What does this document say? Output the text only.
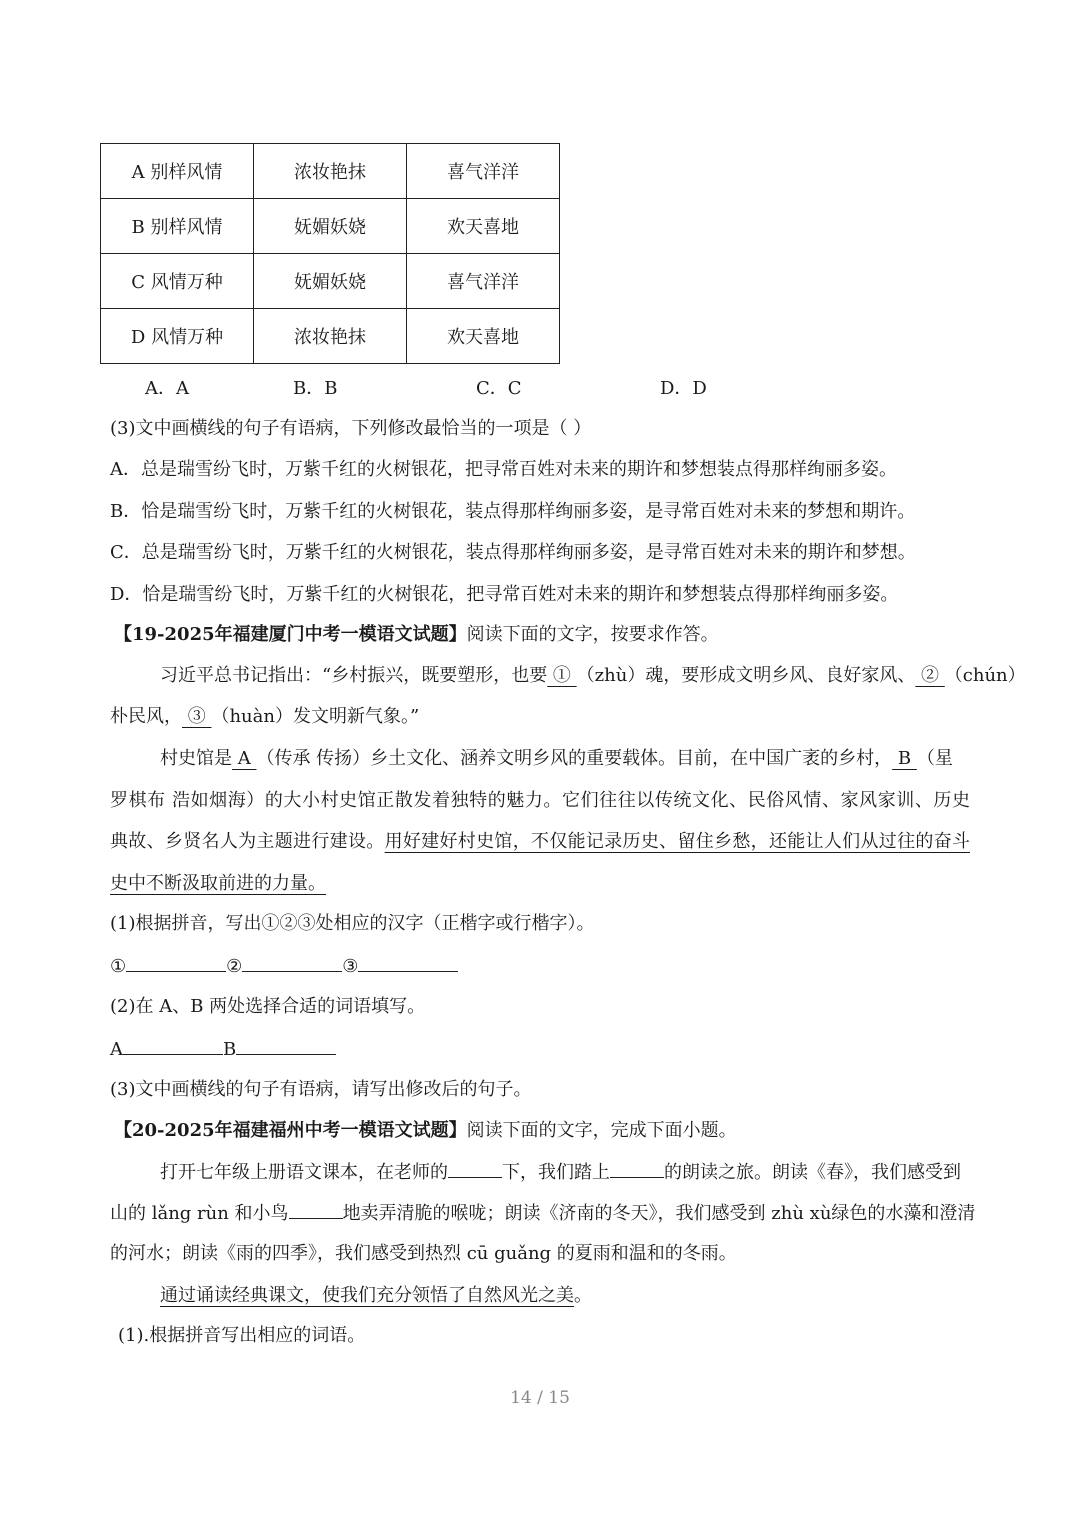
A 别样风情	浓妆艳抹	喜气洋洋
B 别样风情	妩媚妖娆	欢天喜地
C 风情万种	妩媚妖娆	喜气洋洋
D 风情万种	浓妆艳抹	欢天喜地
A．A	B．B	C．C	D．D
(3)文中画横线的句子有语病，下列修改最恰当的一项是（ ）
A．总是瑞雪纷飞时，万紫千红的火树银花，把寻常百姓对未来的期许和梦想装点得那样绚丽多姿。
B．恰是瑞雪纷飞时，万紫千红的火树银花，装点得那样绚丽多姿，是寻常百姓对未来的梦想和期许。
C．总是瑞雪纷飞时，万紫千红的火树银花，装点得那样绚丽多姿，是寻常百姓对未来的期许和梦想。
D．恰是瑞雪纷飞时，万紫千红的火树银花，把寻常百姓对未来的期许和梦想装点得那样绚丽多姿。
【19-2025年福建厦门中考一模语文试题】阅读下面的文字，按要求作答。
习近平总书记指出：“乡村振兴，既要塑形，也要 ① （zhù）魂，要形成文明乡风、良好家风、 ② （chún）
朴民风， ③ （huàn）发文明新气象。”
村史馆是 A （传承 传扬）乡土文化、涵养文明乡风的重要载体。目前，在中国广袤的乡村， B （星
罗棋布 浩如烟海）的大小村史馆正散发着独特的魅力。它们往往以传统文化、民俗风情、家风家训、历史
典故、乡贤名人为主题进行建设。用好建好村史馆，不仅能记录历史、留住乡愁，还能让人们从过往的奋斗
史中不断汲取前进的力量。
(1)根据拼音，写出①②③处相应的汉字（正楷字或行楷字）。
①	②	③
(2)在 A、B 两处选择合适的词语填写。
A	B
(3)文中画横线的句子有语病，请写出修改后的句子。
【20-2025年福建福州中考一模语文试题】阅读下面的文字，完成下面小题。
打开七年级上册语文课本，在老师的	下，我们踏上	的朗读之旅。朗读《春》，我们感受到
山的 lǎng rùn 和小鸟	地卖弄清脆的喉咙；朗读《济南的冬天》，我们感受到 zhù xù绿色的水藻和澄清
的河水；朗读《雨的四季》，我们感受到热烈 cū guǎng 的夏雨和温和的冬雨。
通过诵读经典课文，使我们充分领悟了自然风光之美。
(1).根据拼音写出相应的词语。
14 / 15
